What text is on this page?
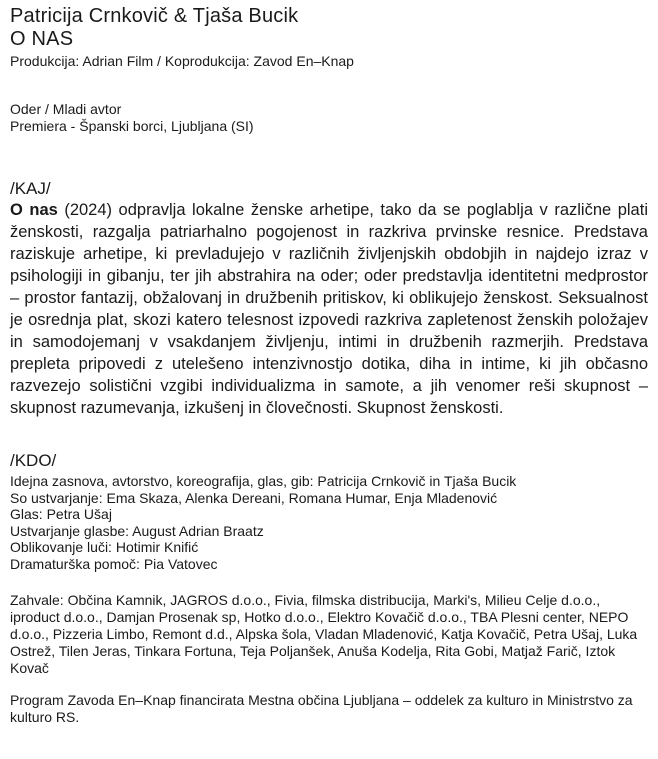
Patricija Crnkovič & Tjaša Bucik
O NAS

Produkcija: Adrian Film / Koprodukcija: Zavod En–Knap

Oder / Mladi avtor

Premiera - Španski borci, Ljubljana (SI)

/KAJ/

O nas (2024) odpravlja lokalne ženske arhetipe, tako da se poglablja v različne plati ženskosti, razgalja patriarhalno pogojenost in razkriva prvinske resnice. Predstava raziskuje arhetipe, ki prevladujejo v različnih življenjskih obdobjih in najdejo izraz v psihologiji in gibanju, ter jih abstrahira na oder; oder predstavlja identitetni medprostor – prostor fantazij, obžalovanj in družbenih pritiskov, ki oblikujejo ženskost. Seksualnost je osrednja plat, skozi katero telesnost izpovedi razkriva zapletenost ženskih položajev in samodojemanj v vsakdanjem življenju, intimi in družbenih razmerjih. Predstava prepleta pripovedi z utelešeno intenzivnostjo dotika, diha in intime, ki jih občasno razvezejo solistični vzgibi individualizma in samote, a jih venomer reši skupnost – skupnost razumevanja, izkušenj in človečnosti. Skupnost ženskosti.

/KDO/

Idejna zasnova, avtorstvo, koreografija, glas, gib: Patricija Crnkovič in Tjaša Bucik

So ustvarjanje: Ema Skaza, Alenka Dereani, Romana Humar, Enja Mladenović

Glas: Petra Ušaj

Ustvarjanje glasbe: August Adrian Braatz

Oblikovanje luči: Hotimir Knifić

Dramaturška pomoč: Pia Vatovec

Zahvale: Občina Kamnik, JAGROS d.o.o., Fivia, filmska distribucija, Marki's, Milieu Celje d.o.o., iproduct d.o.o., Damjan Prosenak sp, Hotko d.o.o., Elektro Kovačič d.o.o., TBA Plesni center, NEPO d.o.o., Pizzeria Limbo, Remont d.d., Alpska šola, Vladan Mladenović, Katja Kovačič, Petra Ušaj, Luka Ostrež, Tilen Jeras, Tinkara Fortuna, Teja Poljanšek, Anuša Kodelja, Rita Gobi, Matjaž Farič, Iztok Kovač

Program Zavoda En–Knap financirata Mestna občina Ljubljana – oddelek za kulturo in Ministrstvo za kulturo RS.
